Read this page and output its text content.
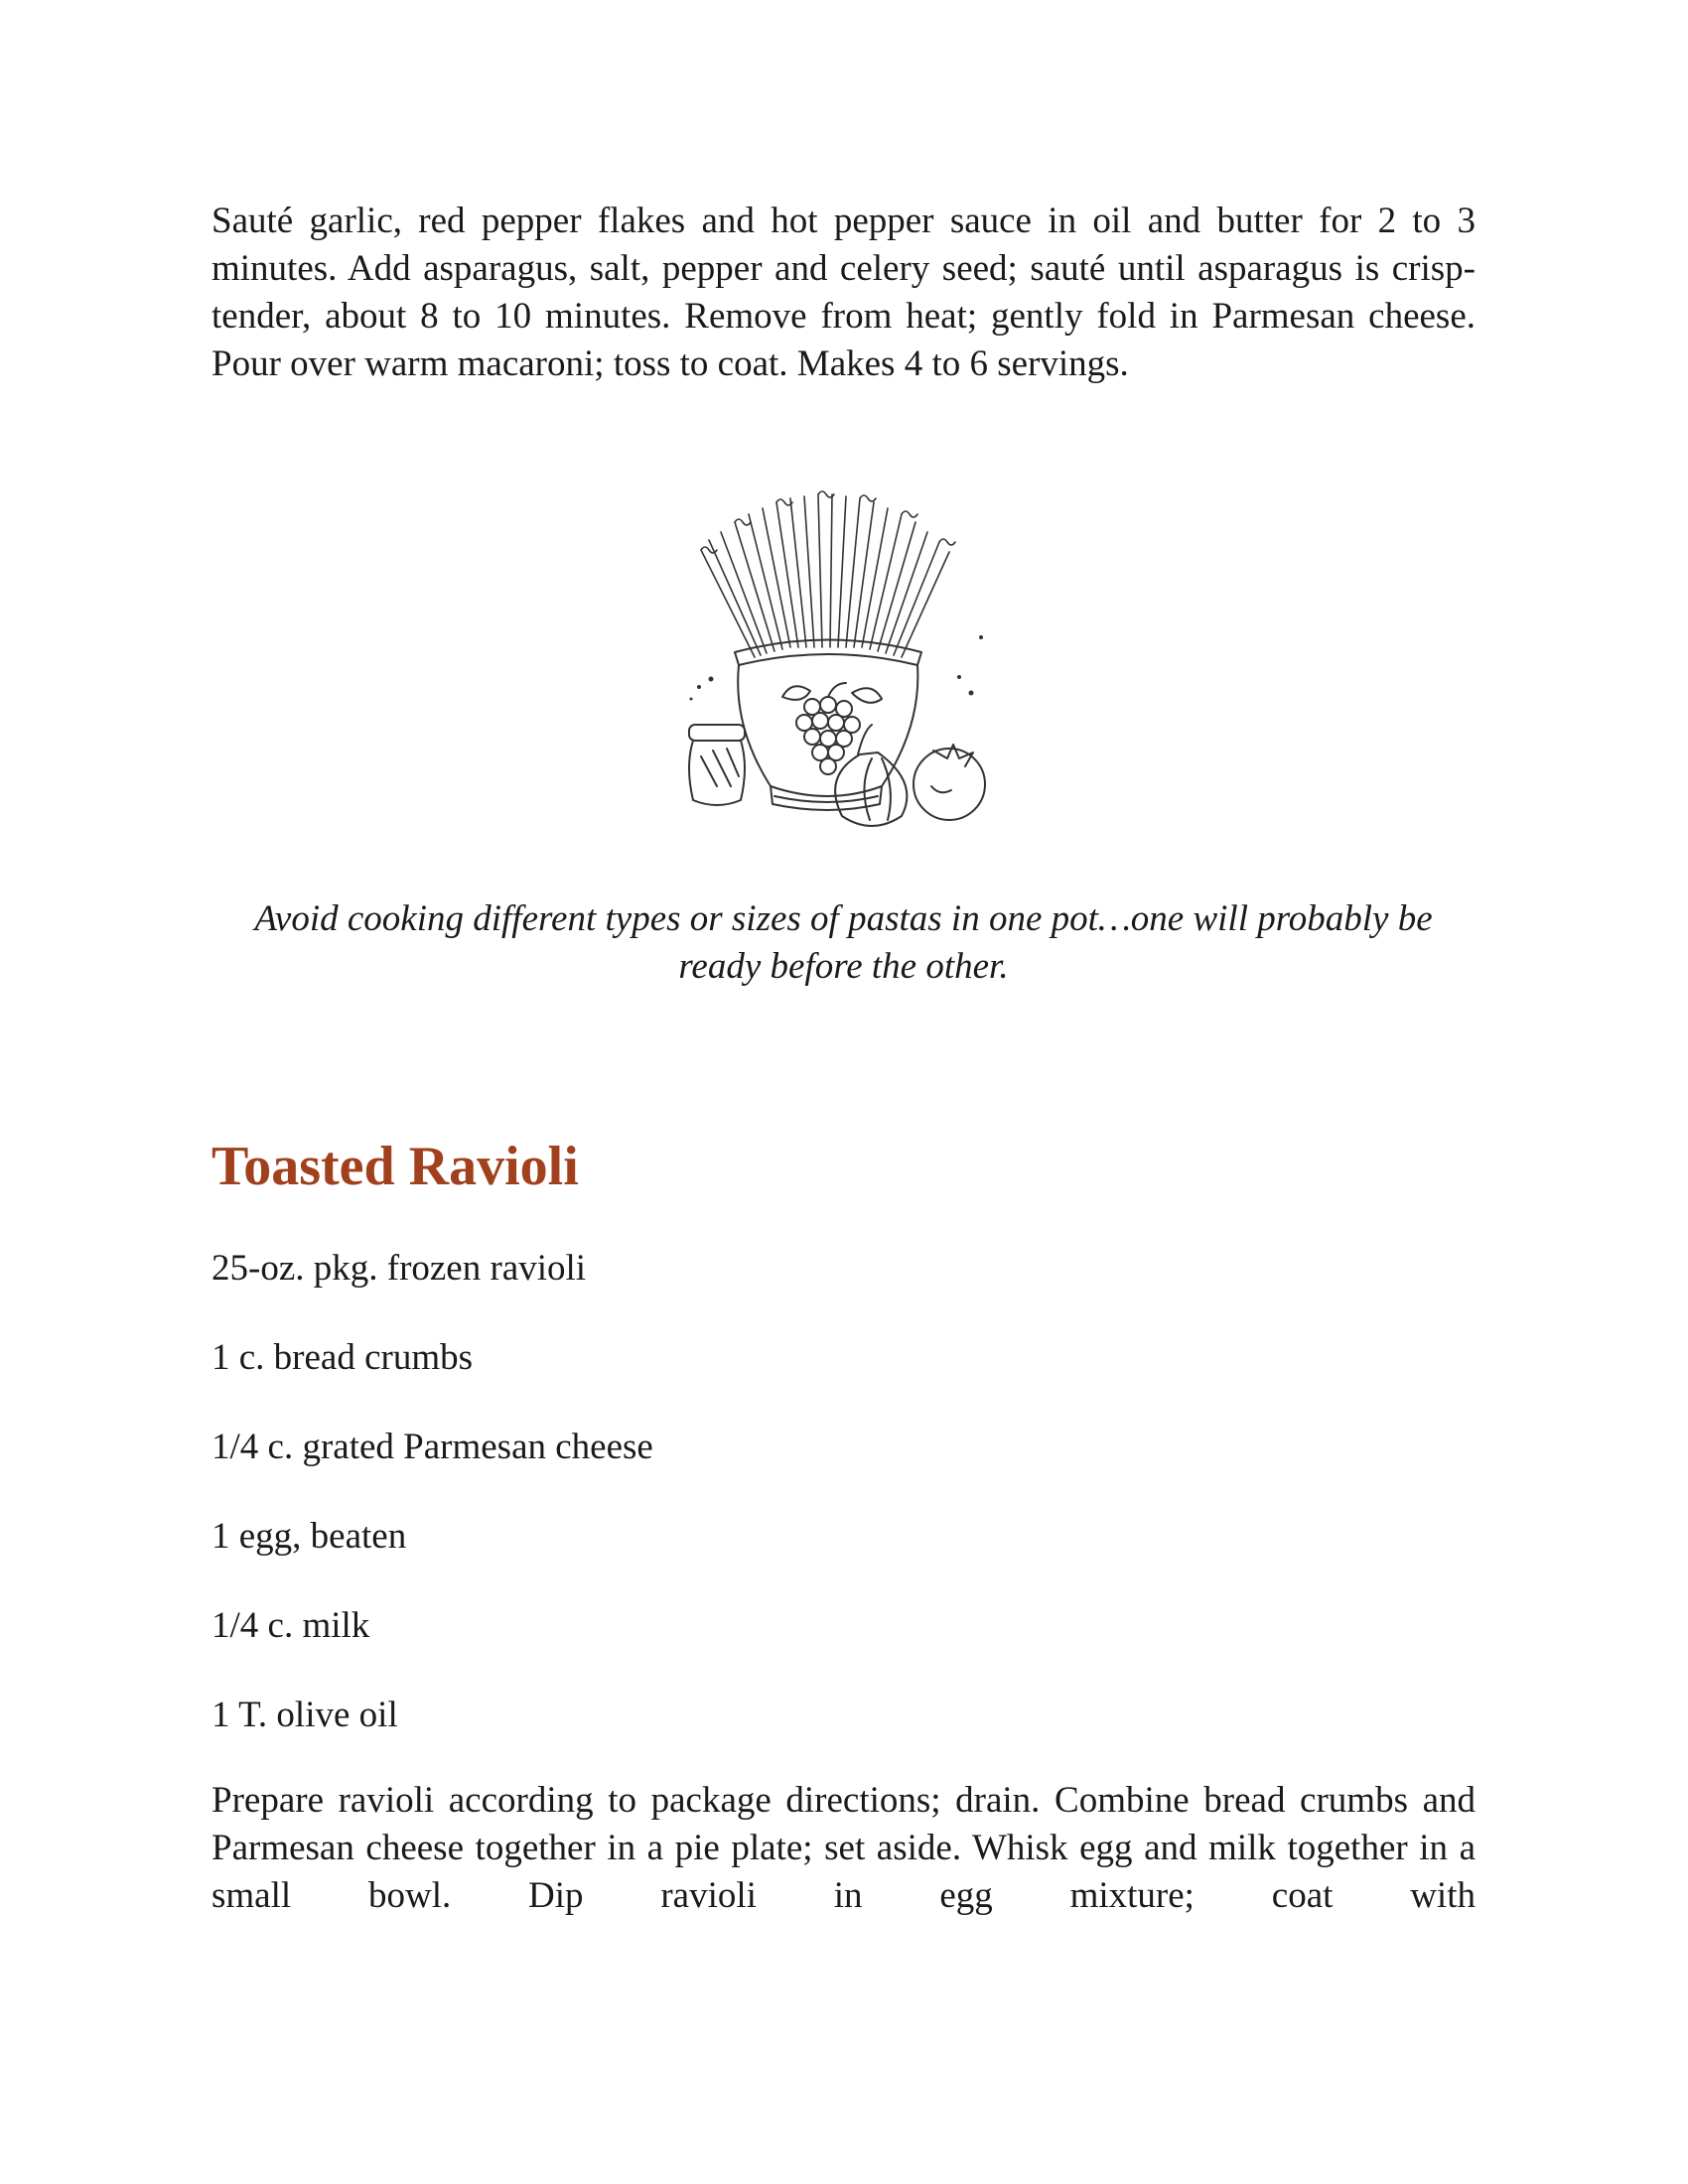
Sauté garlic, red pepper flakes and hot pepper sauce in oil and butter for 2 to 3 minutes. Add asparagus, salt, pepper and celery seed; sauté until asparagus is crisp-tender, about 8 to 10 minutes. Remove from heat; gently fold in Parmesan cheese. Pour over warm macaroni; toss to coat. Makes 4 to 6 servings.

Avoid cooking different types or sizes of pastas in one pot…one will probably be ready before the other.

Toasted Ravioli
25-oz. pkg. frozen ravioli
1 c. bread crumbs
1/4 c. grated Parmesan cheese
1 egg, beaten
1/4 c. milk
1 T. olive oil

Prepare ravioli according to package directions; drain. Combine bread crumbs and Parmesan cheese together in a pie plate; set aside. Whisk egg and milk together in a small bowl. Dip ravioli in egg mixture; coat with
